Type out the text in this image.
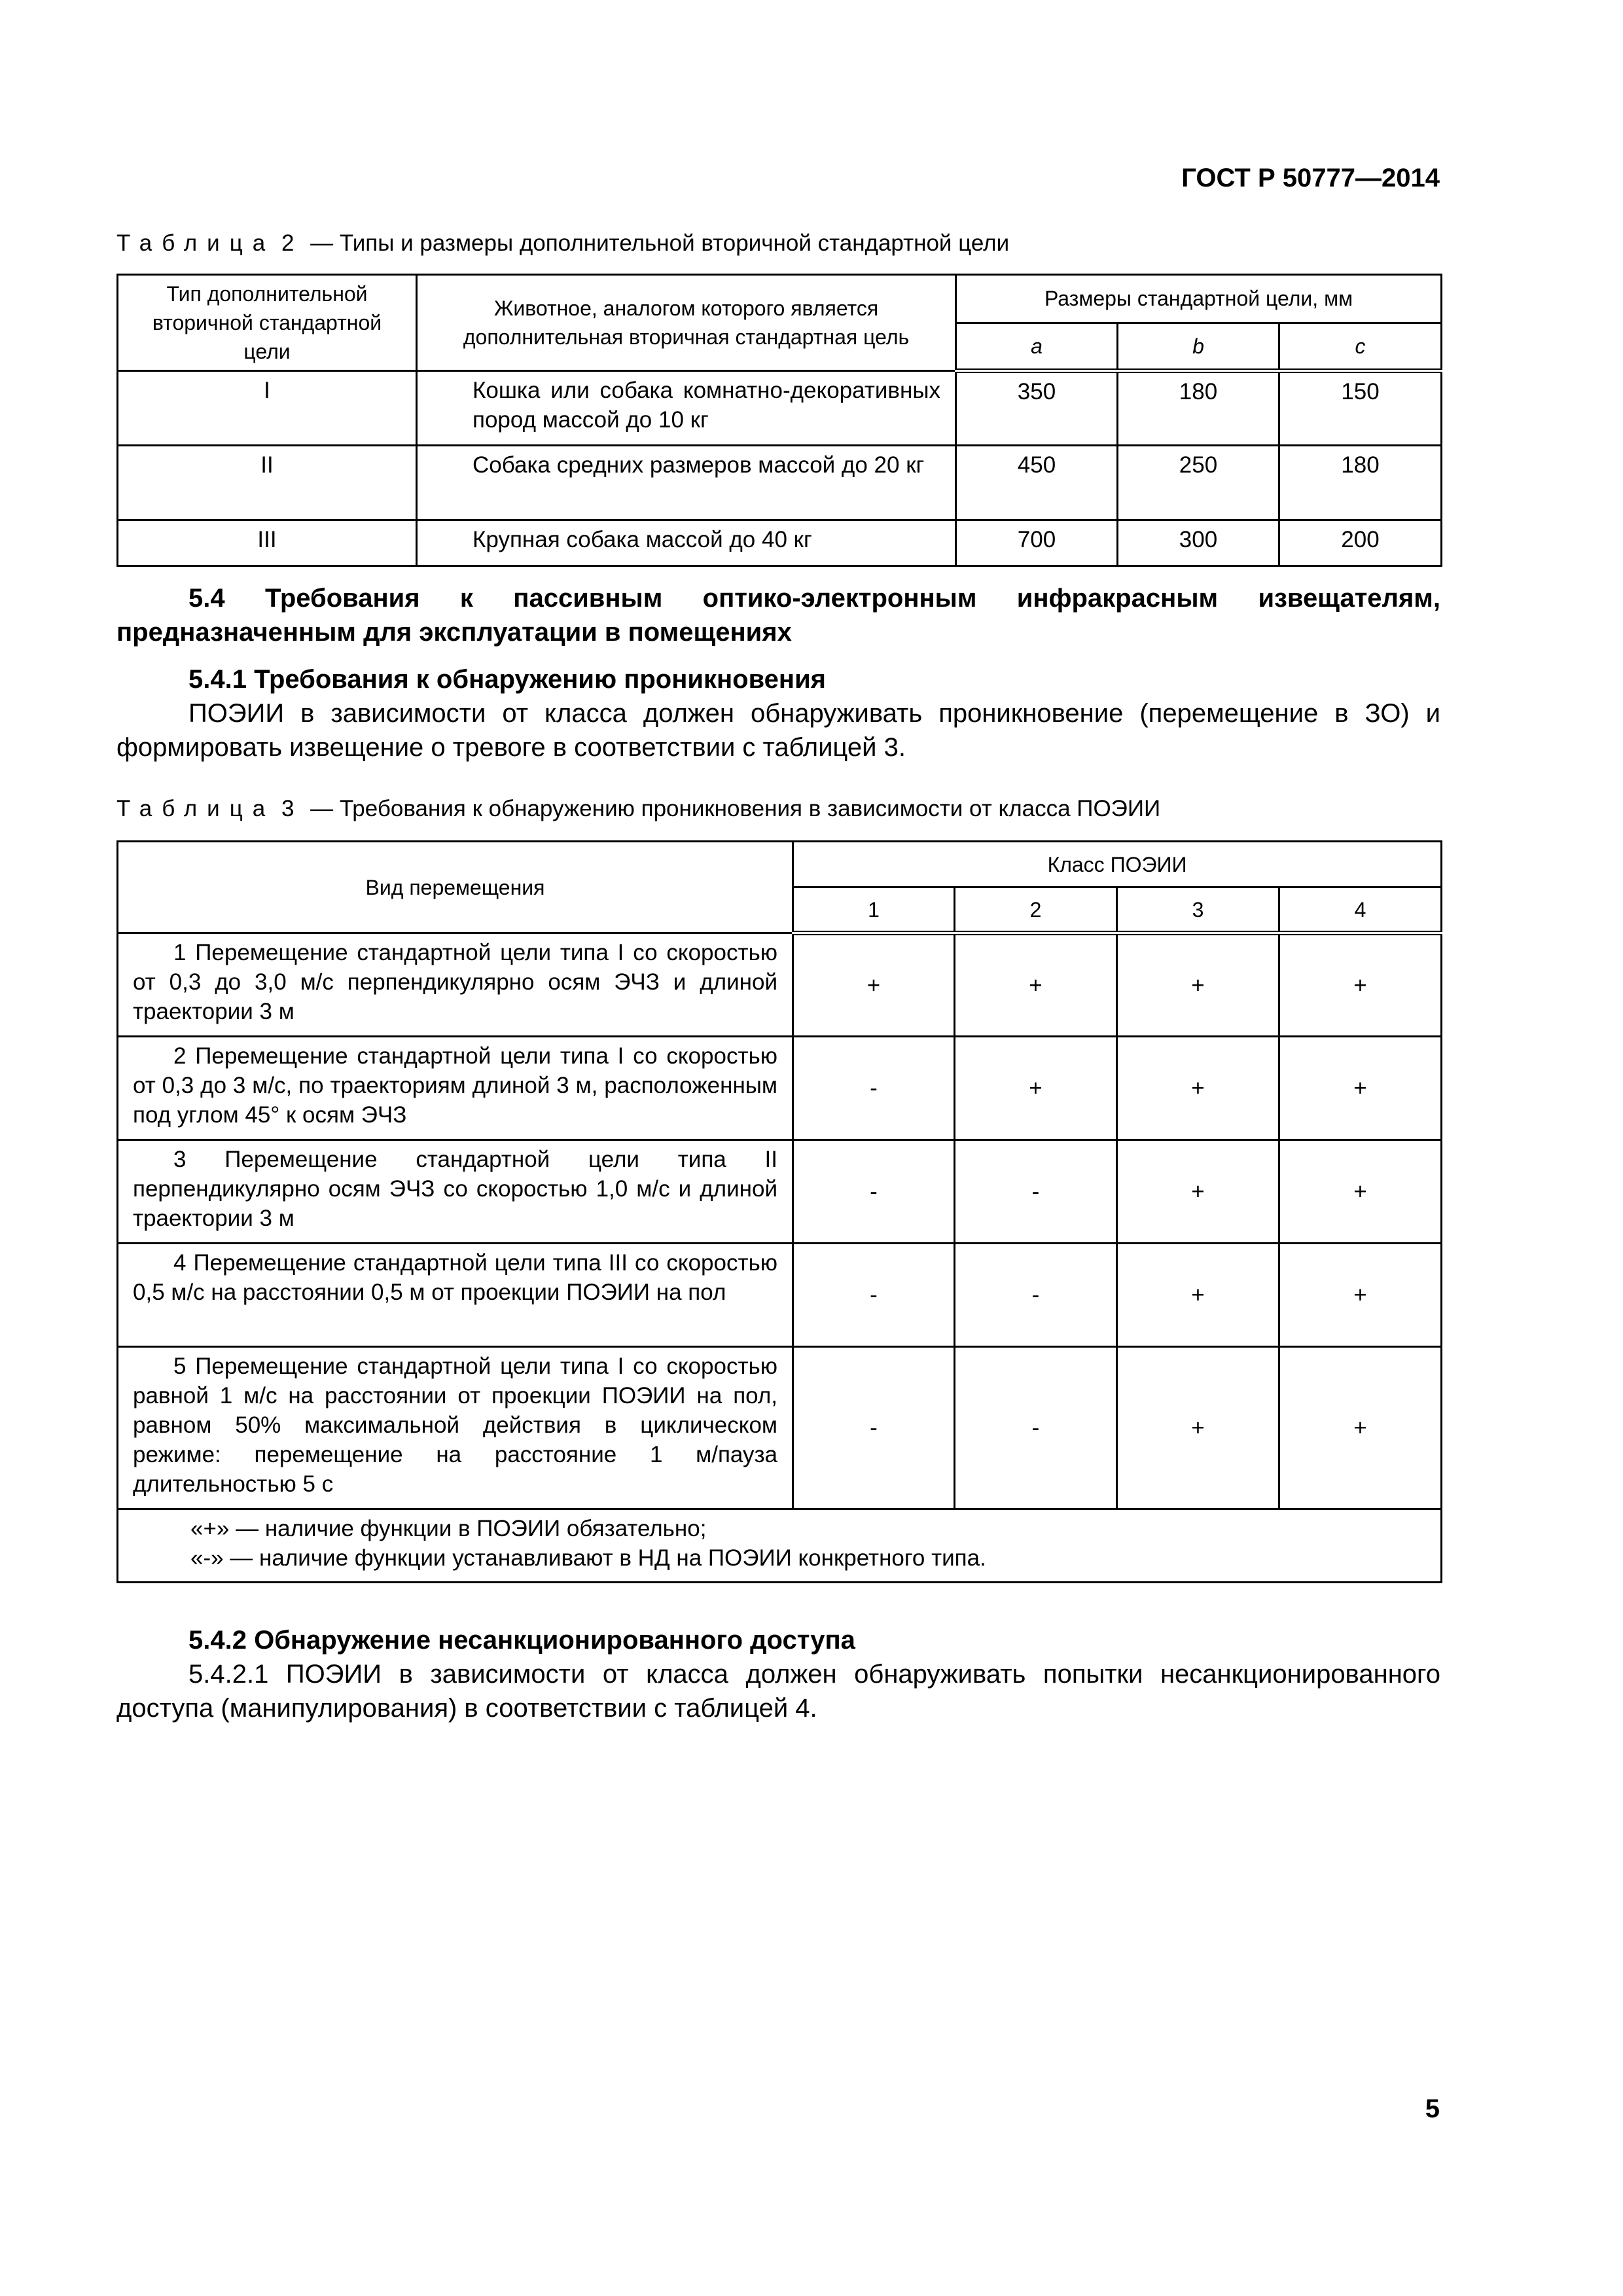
ГОСТ Р 50777—2014
Таблица 2 — Типы и размеры дополнительной вторичной стандартной цели
Тип дополнительной вторичной стандартной цели	Животное, аналогом которого является дополнительная вторичная стандартная цель	Размеры стандартной цели, мм		
		a	b	c
I	Кошка или собака комнатно-декоративных пород массой до 10 кг	350	180	150
II	Собака средних размеров массой до 20 кг	450	250	180
III	Крупная собака массой до 40 кг	700	300	200
5.4 Требования к пассивным оптико-электронным инфракрасным извещателям, предназначенным для эксплуатации в помещениях
5.4.1 Требования к обнаружению проникновения
ПОЭИИ в зависимости от класса должен обнаруживать проникновение (перемещение в ЗО) и формировать извещение о тревоге в соответствии с таблицей 3.
Таблица 3 — Требования к обнаружению проникновения в зависимости от класса ПОЭИИ
Вид перемещения	Класс ПОЭИИ			
	1	2	3	4
1 Перемещение стандартной цели типа I со скоростью от 0,3 до 3,0 м/с перпендикулярно осям ЭЧЗ и длиной траектории 3 м	+	+	+	+
2 Перемещение стандартной цели типа I со скоростью от 0,3 до 3 м/с, по траекториям длиной 3 м, расположенным под углом 45° к осям ЭЧЗ	-	+	+	+
3 Перемещение стандартной цели типа II перпендикулярно осям ЭЧЗ со скоростью 1,0 м/с и длиной траектории 3 м	-	-	+	+
4 Перемещение стандартной цели типа III со скоростью 0,5 м/с на расстоянии 0,5 м от проекции ПОЭИИ на пол	-	-	+	+
5 Перемещение стандартной цели типа I со скоростью равной 1 м/с на расстоянии от проекции ПОЭИИ на пол, равном 50% максимальной действия в циклическом режиме: перемещение на расстояние 1 м/пауза длительностью 5 с	-	-	+	+

«+» — наличие функции в ПОЭИИ обязательно;
«-» — наличие функции устанавливают в НД на ПОЭИИ конкретного типа.				
5.4.2 Обнаружение несанкционированного доступа
5.4.2.1 ПОЭИИ в зависимости от класса должен обнаруживать попытки несанкционированного доступа (манипулирования) в соответствии с таблицей 4.
5
